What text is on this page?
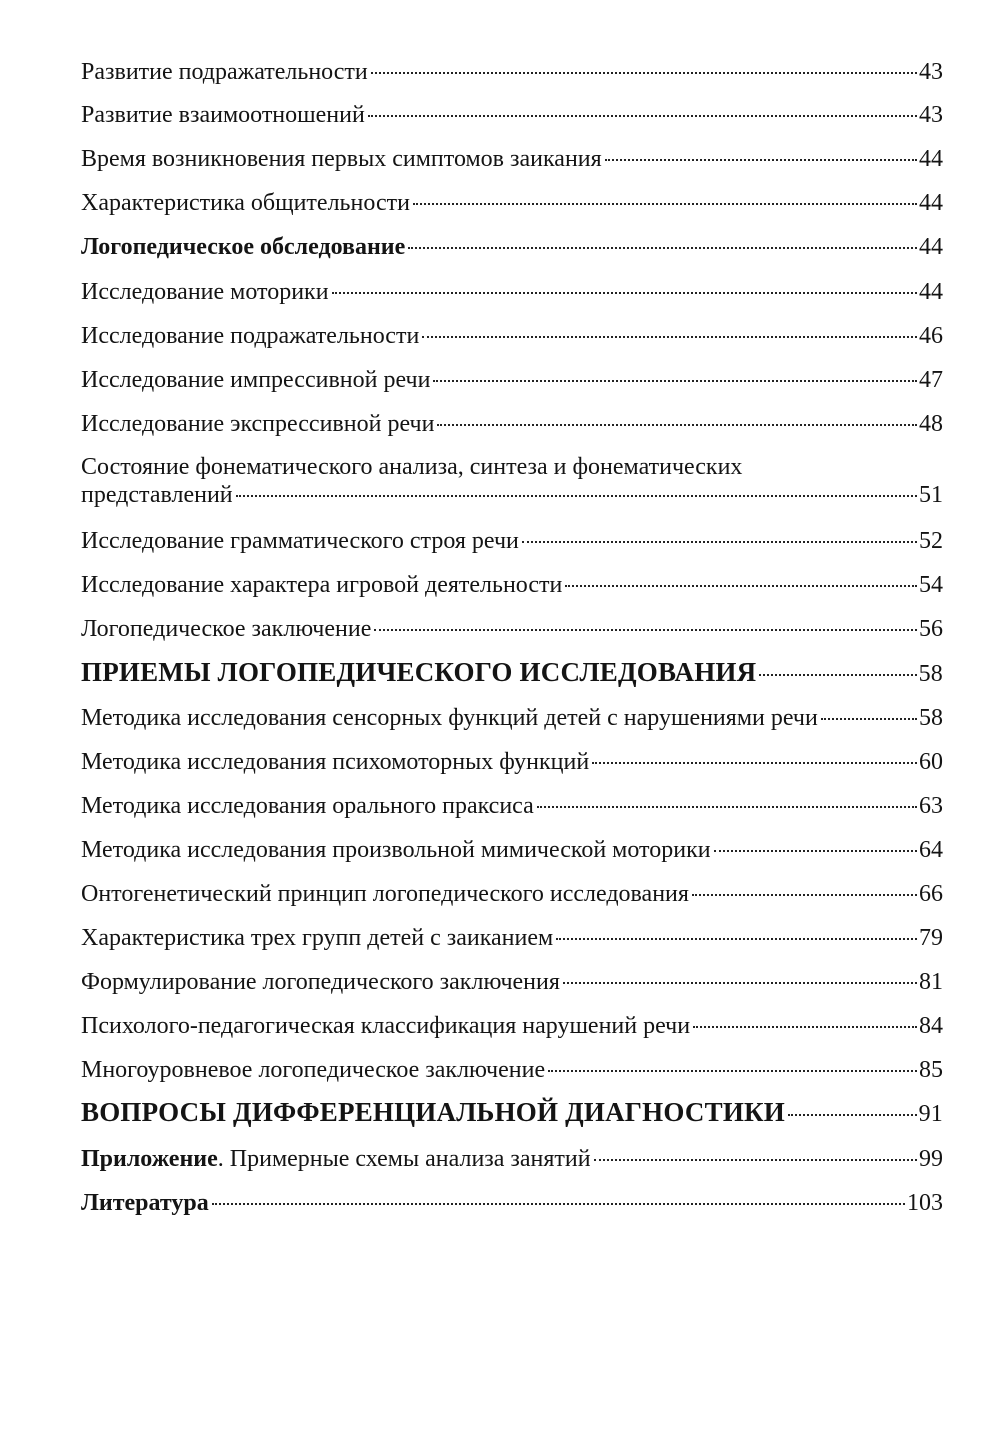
Развитие подражательности	43
Развитие взаимоотношений	43
Время возникновения первых симптомов заикания	44
Характеристика общительности	44
Логопедическое обследование	44
Исследование моторики	44
Исследование подражательности	46
Исследование импрессивной речи	47
Исследование экспрессивной речи	48
Состояние фонематического анализа, синтеза и фонематических
представлений	51
Исследование грамматического строя речи	52
Исследование характера игровой деятельности	54
Логопедическое заключение	56
ПРИЕМЫ ЛОГОПЕДИЧЕСКОГО ИССЛЕДОВАНИЯ	58
Методика исследования сенсорных функций детей с нарушениями речи	58
Методика исследования психомоторных функций	60
Методика исследования орального праксиса	63
Методика исследования произвольной мимической моторики	64
Онтогенетический принцип логопедического исследования	66
Характеристика трех групп детей с заиканием	79
Формулирование логопедического заключения	81
Психолого-педагогическая классификация нарушений речи	84
Многоуровневое логопедическое заключение	85
ВОПРОСЫ ДИФФЕРЕНЦИАЛЬНОЙ ДИАГНОСТИКИ	91
Приложение. Примерные схемы анализа занятий	99
Литература	103
